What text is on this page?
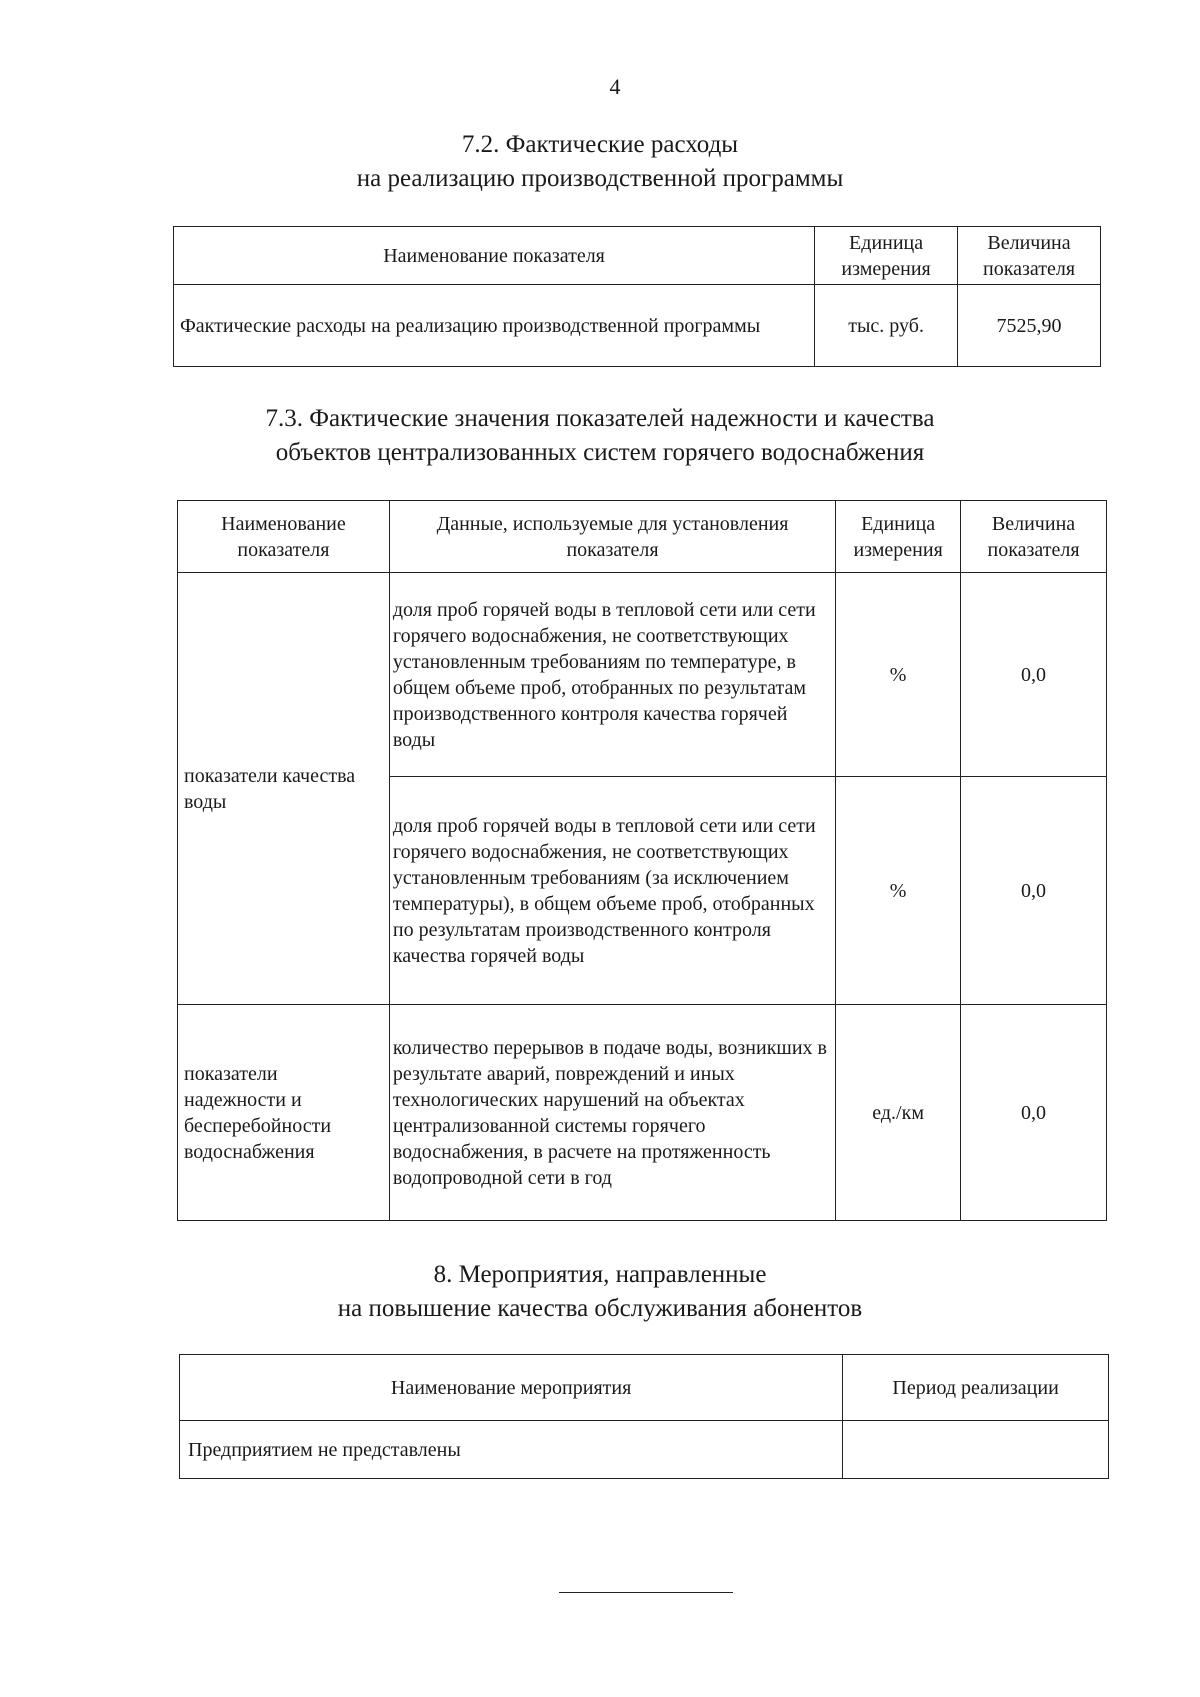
4
7.2. Фактические расходы
на реализацию производственной программы
Наименование показателя	Единица измерения	Величина показателя
Фактические расходы на реализацию производственной программы	тыс. руб.	7525,90
7.3. Фактические значения показателей надежности и качества
объектов централизованных систем горячего водоснабжения
Наименование показателя	Данные, используемые для установления показателя	Единица измерения	Величина показателя
показатели качества воды	доля проб горячей воды в тепловой сети или сети горячего водоснабжения, не соответствующих установленным требованиям по температуре, в общем объеме проб, отобранных по результатам производственного контроля качества горячей воды	%	0,0
	доля проб горячей воды в тепловой сети или сети горячего водоснабжения, не соответствующих установленным требованиям (за исключением температуры), в общем объеме проб, отобранных по результатам производственного контроля качества горячей воды	%	0,0
показатели надежности и бесперебойности водоснабжения	количество перерывов в подаче воды, возникших в результате аварий, повреждений и иных технологических нарушений на объектах централизованной системы горячего водоснабжения, в расчете на протяженность водопроводной сети в год	ед./км	0,0
8. Мероприятия, направленные
на повышение качества обслуживания абонентов
Наименование мероприятия	Период реализации
Предприятием не представлены	
